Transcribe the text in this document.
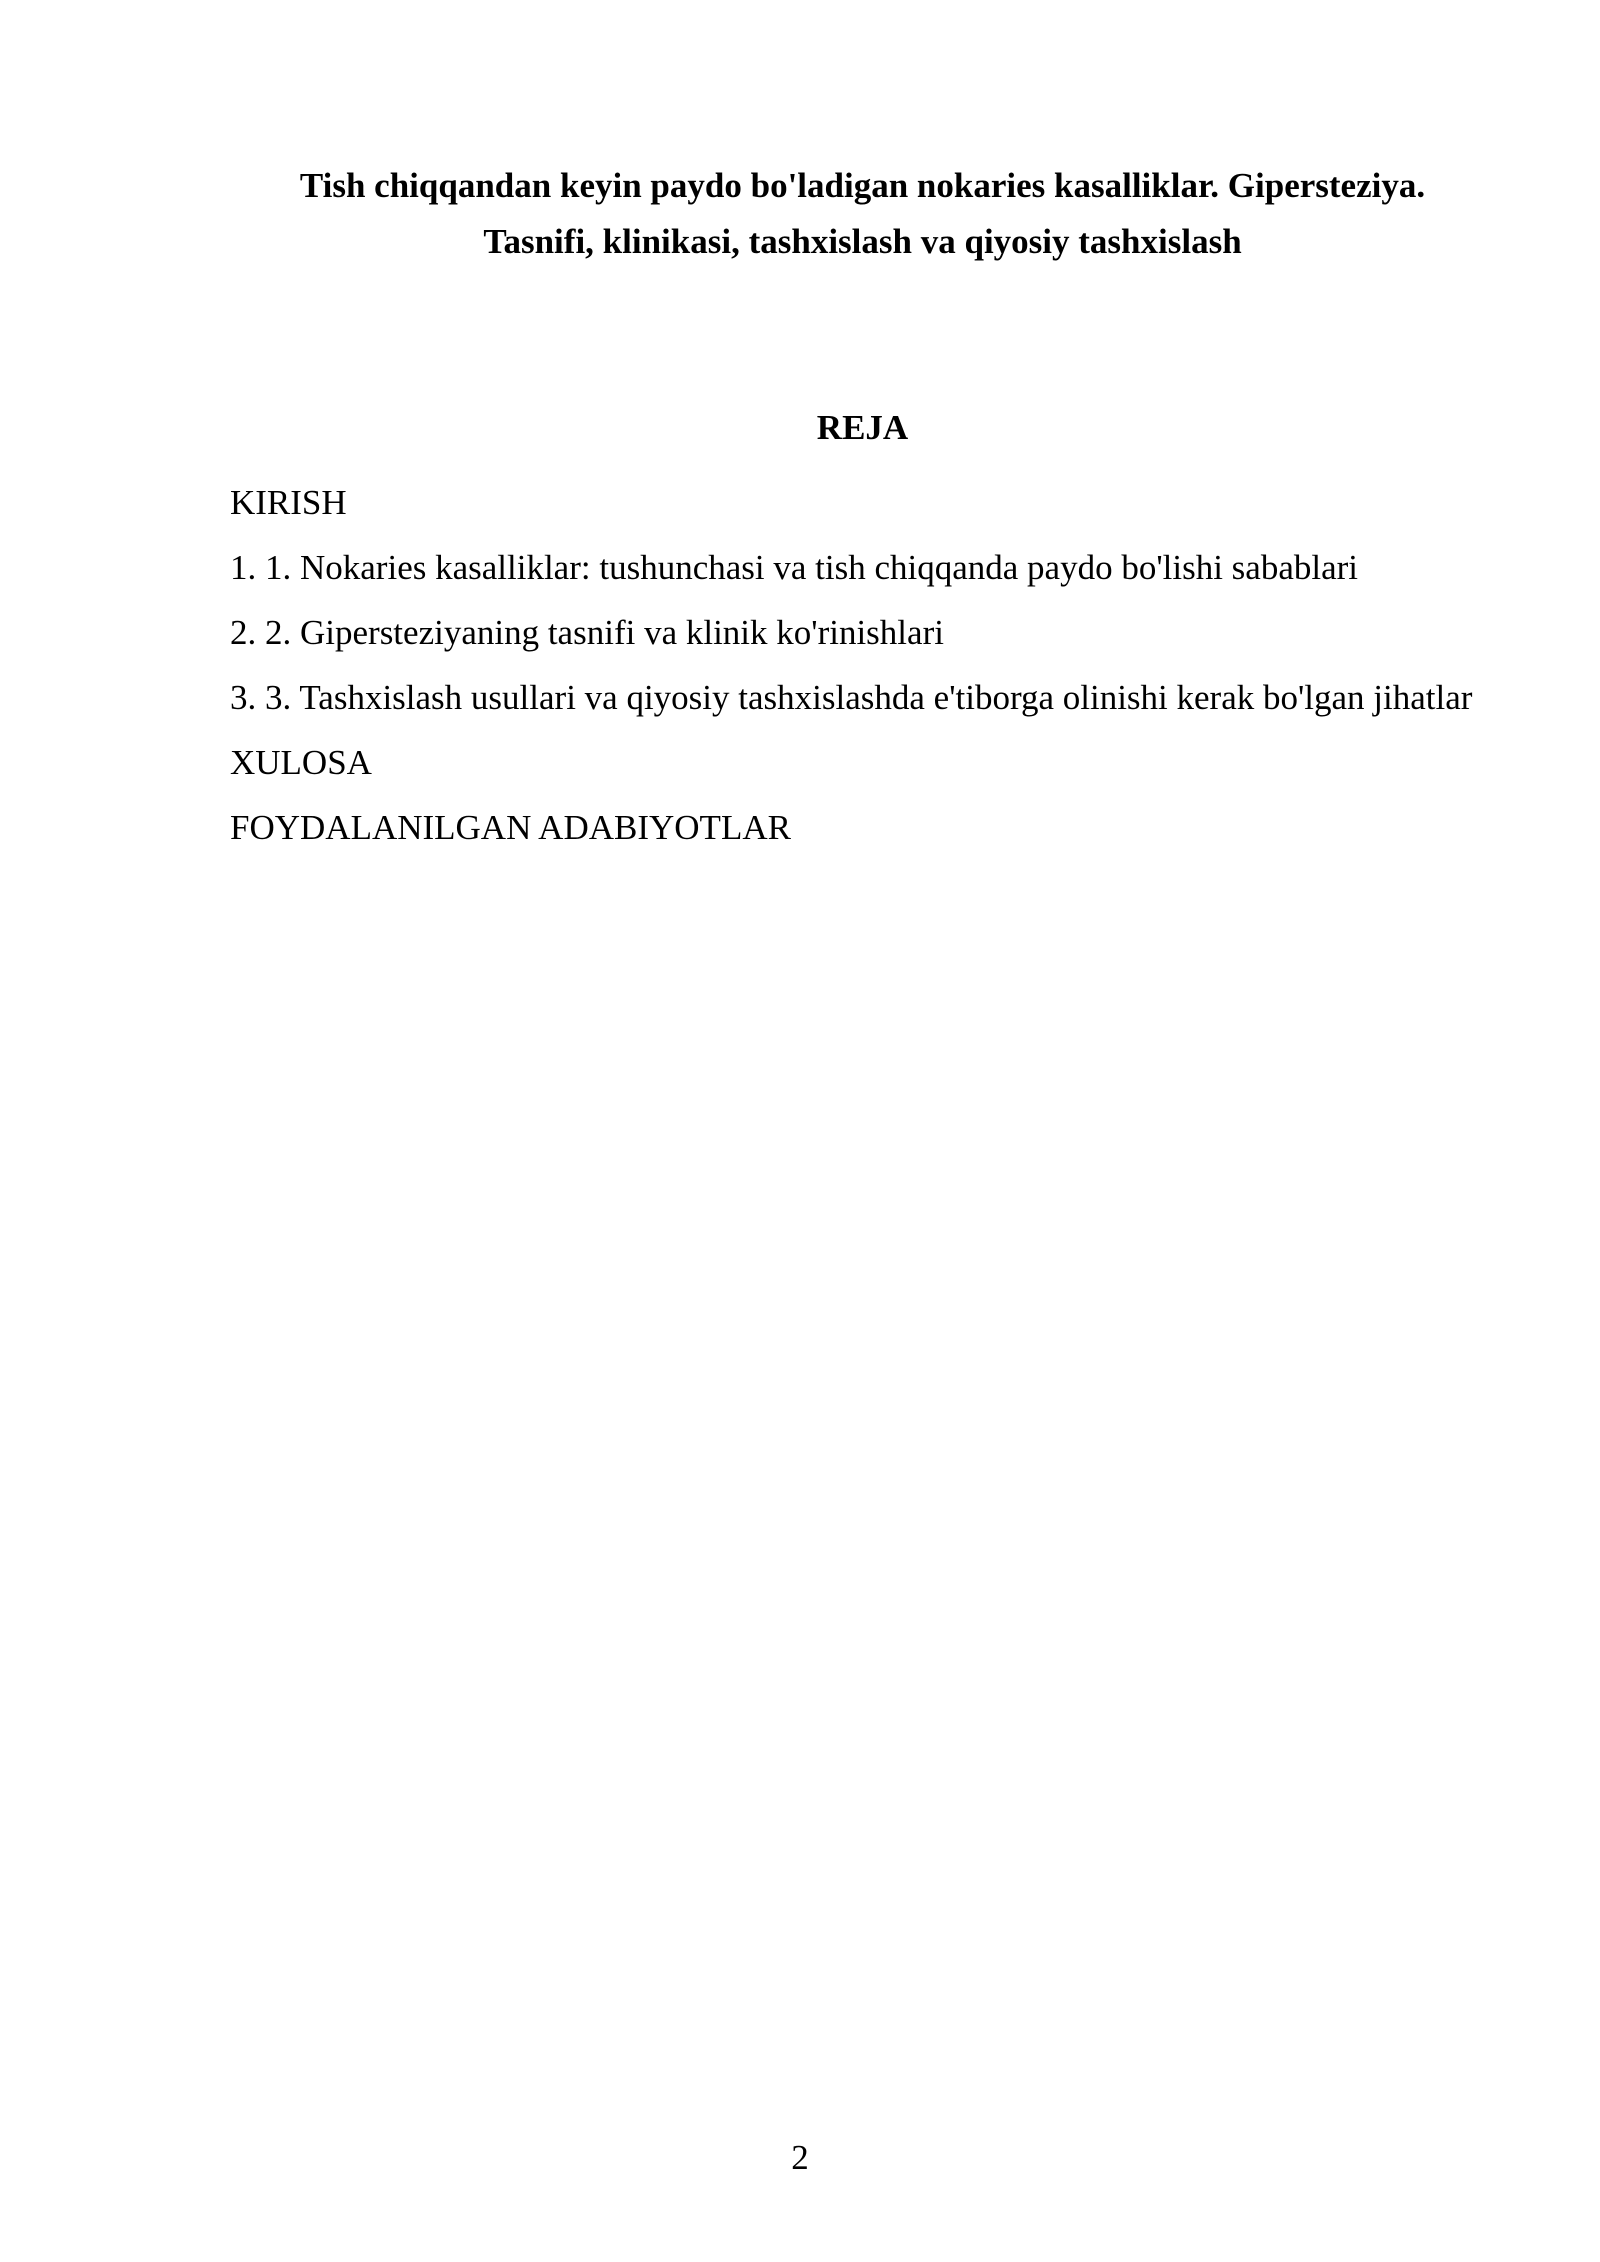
Tish chiqqandan keyin paydo bo'ladigan nokaries kasalliklar. Gipersteziya.
Tasnifi, klinikasi, tashxislash va qiyosiy tashxislash
REJA

KIRISH

1. 1. Nokaries kasalliklar: tushunchasi va tish chiqqanda paydo bo'lishi sabablari

2. 2. Gipersteziyaning tasnifi va klinik ko'rinishlari

3. 3. Tashxislash usullari va qiyosiy tashxislashda e'tiborga olinishi kerak bo'lgan jihatlar

XULOSA

FOYDALANILGAN ADABIYOTLAR

2
